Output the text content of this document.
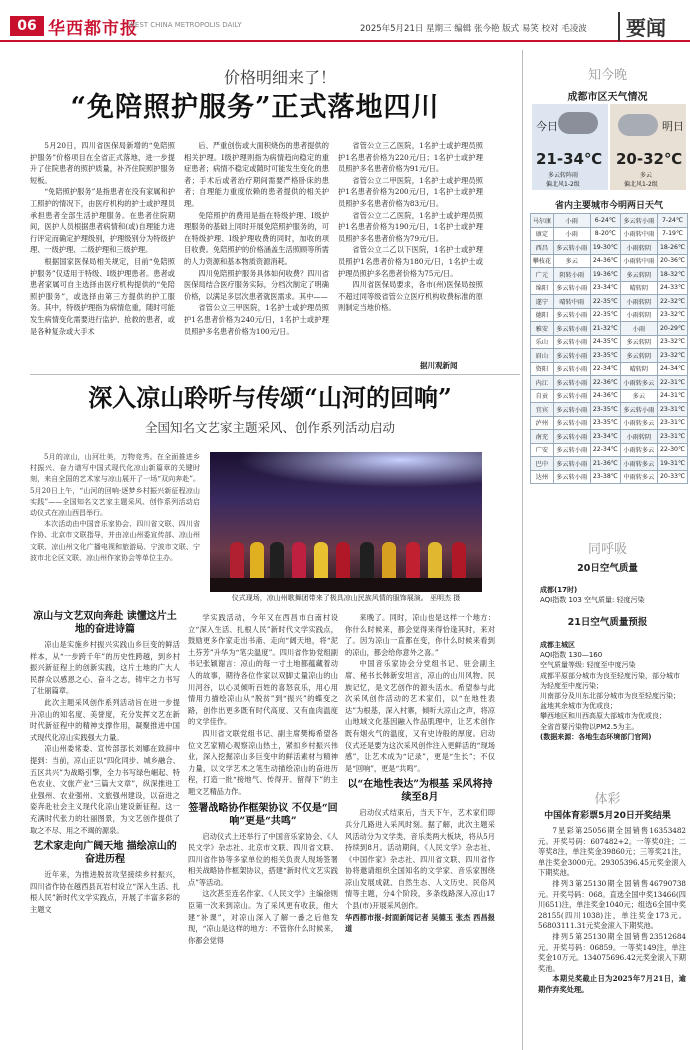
06 华西都市报
WEST CHINA METROPOLIS DAILY	2025年5月21日 星期三 编辑 张今艳 版式 易笑 校对 毛凌波	要闻
价格明细来了！
“免陪照护服务”正式落地四川

5月20日，四川省医保局新增的“免陪照护服务”价格项目在全省正式落地，进一步提升了住院患者的照护质量，补齐住院照护服务短板。

“免陪照护服务”是指患者在没有家属和护工照护的情况下，由医疗机构的护士或护理员承担患者全部生活护理服务。在患者住院期间，医护人员根据患者病情和(或)自理能力进行评定而确定护理级别，护理级别分为特级护理、一级护理、二级护理和三级护理。

根据国家医保局相关规定，目前“免陪照护服务”仅适用于特级、Ⅰ级护理患者。患者或患者家属可自主选择由医疗机构提供的“免陪照护服务”，或选择由第三方提供的护工服务。其中，特级护理指为病情危重，随时可能发生病情变化需要进行监护、抢救的患者，或是各种复杂或大手术

后、严重创伤或大面积烧伤的患者提供的相关护理。Ⅰ级护理则指为病情趋向稳定的重症患者；病情不稳定或随时可能发生变化的患者；手术后或者治疗期间需要严格卧床的患者；自理能力重度依赖的患者提供的相关护理。

免陪照护的费用是指在特级护理、Ⅰ级护理服务的基础上同时开展免陪照护服务的，可在特级护理、Ⅰ级护理收费的同时，加收的项目收费。免陪照护的价格涵盖生活照顾等所需的人力资源和基本物质资源消耗。

四川免陪照护服务具体如何收费？四川省医保局结合医疗服务实际，分档次制定了明确价格，以满足多层次患者就医需求。其中——

省管公立三甲医院，1名护士或护理员照护1名患者价格为240元/日，1名护士或护理员照护多名患者价格为100元/日。

省管公立三乙医院，1名护士或护理员照护1名患者价格为220元/日；1名护士或护理员照护多名患者价格为91元/日。

省管公立二甲医院，1名护士或护理员照护1名患者价格为200元/日，1名护士或护理员照护多名患者价格为83元/日。

省管公立二乙医院，1名护士或护理员照护1名患者价格为190元/日，1名护士或护理员照护多名患者价格为79元/日。

省管公立二乙以下医院，1名护士或护理员照护1名患者价格为180元/日，1名护士或护理员照护多名患者价格为75元/日。

四川省医保局要求，各市(州)医保局按照不超过同等级省管公立医疗机构收费标准的原则制定当地价格。

据川观新闻
深入凉山聆听与传颂“山河的回响”
全国知名文艺家主题采风、创作系列活动启动

5月的凉山，山河壮美，万物竞秀。在全面推进乡村振兴、奋力谱写中国式现代化凉山新篇章的关键时刻，来自全国的艺术家与凉山展开了一场“双向奔赴”。5月20日上午，“山河的回响·逐梦乡村振兴新征程凉山实践”——全国知名文艺家主题采风、创作系列活动启动仪式在凉山西昌举行。

本次活动由中国音乐家协会、四川省文联、四川省作协、北京市文联指导，并由凉山州委宣传部、凉山州文联、凉山州文化广播电视和旅游局、宁波市文联、宁波市北仑区文联、凉山州作家协会等单位主办。

仪式现场，凉山州歌舞团带来了极具凉山民族风情的服饰展演。 巫明杰 摄
凉山与文艺双向奔赴 读懂这片土地的奋进诗篇

凉山是实施乡村振兴实践山乡巨变的鲜活样本，从“一步跨千年”的历史性跨越，到乡村振兴新征程上的创新实践，这片土地的广大人民群众以感恩之心、奋斗之志，铸牢之力书写了壮丽篇章。

此次主题采风创作系列活动旨在进一步提升凉山的知名度、美誉度，充分发挥文艺在新时代新征程中的精神支撑作用，凝聚推进中国式现代化凉山实践强大力量。

凉山州委常委、宣传部部长刘娜在致辞中提到：当前，凉山正以“四化同步、城乡融合、五区共兴”为战略引擎，全力书写绿色崛起、特色农业、文旅产业“三篇大文章”，纵深推进工业强州、农业强州、文旅强州建设，以奋进之姿奔赴社会主义现代化凉山建设新征程。这一充满时代张力的壮丽图景，为文艺创作提供了取之不尽、用之不竭的源泉。

艺术家走向广阔天地 描绘凉山的奋进历程

近年来，为推进脱贫攻坚接续乡村振兴，四川省作协在越西县瓦岩村设立“深入生活、扎根人民”新时代文学实践点，开展了丰富多彩的主题文

学实践活动，今年又在西昌市白南村设立“深入生活、扎根人民”新时代文学实践点，鼓励更多作家走出书斋、走向“阔天地，将“泥土芬芳”升华为“笔尖温度”。四川省作协党组副书记张颖谢言：凉山的每一寸土地都蕴藏着动人的故事，期待各位作家以双脚丈量凉山的山川河谷，以心灵倾听百姓的喜怒哀乐，用心用情用力描绘凉山从“脱贫”到“振兴”的蝶变之路，创作出更多既有时代高度、又有血肉温度的文学佳作。

四川省文联党组书记、副主席樊梅希望各位文艺家精心观察凉山热土，紧扣乡村振兴伟业，深入挖掘凉山多巨变中的鲜活素材与精神力量，以文学艺术之笔生动描绘凉山的奋进历程，打造一批“接地气、传得开、留得下”的主题文艺精品力作。

签署战略协作框架协议 不仅是“回响”更是“共鸣”

启动仪式上还举行了中国音乐家协会、《人民文学》杂志社、北京市文联、四川省文联、四川省作协等多家单位的相关负责人现场签署相关战略协作框架协议，搭建“新时代文艺实践点”等活动。

这次甚至连名作家、《人民文学》主编徐则臣第一次来到凉山。为了采风更有收获，他大建“补课”，对凉山深入了解一番之后他发现，“凉山是这样的地方：不管你什么时候来，你都会觉得

来晚了。同时，凉山也是这样一个地方：你什么时候来，都会觉得来得恰逢其时，来对了。因为凉山一直都在变，你什么时候来看到的凉山，都会给你意外之喜。”

中国音乐家协会分党组书记、驻会副主席、秘书长韩新安坦言，凉山的山川风物、民族记忆，是文艺创作的源头活水。希望参与此次采风创作活动的艺术家们，以“在地性表达”为根基，深入村寨，倾听大凉山之声，将凉山地域文化基因融入作品肌理中，让艺术创作既有烟火气的温度，又有史诗般的厚度。启动仪式还是要为这次采风创作注入更鲜活的“现场感”，让艺术成为“记录”，更是“生长”；不仅是“回响”，更是“共鸣”。

以“在地性表达”为根基 采风将持续至8月

启动仪式结束后，当天下午，艺术家们即兵分几路进入采风时刻。据了解，此次主题采风活动分为文学类、音乐类两大板块，将从5月持续到8月。活动期间，《人民文学》杂志社、《中国作家》杂志社、四川省文联、四川省作协将邀请组织全国知名的文学家、音乐家围绕凉山发展成就、自然生态、人文历史、民俗风情等主题，分4个阶段，多条线路深入凉山17个县(市)开展采风创作。

华西都市报-封面新闻记者 吴德玉 张杰 西昌报道

知今晚
成都市区天气情况
今日
21-34℃
多云转阵雨
偏北风1-2级
明日
20-32℃
多云
偏北风1-2级
省内主要城市今明两日天气
马尔康	小雨	6-24℃	多云转小雨	7-24℃
康定	小雨	8-20℃	小雨转中雨	7-19℃
西昌	多云转小雨	19-30℃	小雨转阴	18-26℃
攀枝花	多云	24-36℃	小雨转中雨	20-36℃
广元	阴转小雨	19-36℃	多云转阴	18-32℃
绵阳	多云转小雨	23-34℃	晴转阴	24-33℃
遂宁	晴转中雨	22-35℃	小雨转阴	22-32℃
德阳	多云转小雨	22-35℃	小雨转阴	23-32℃
雅安	多云转小雨	21-32℃	小雨	20-29℃
乐山	多云转小雨	24-35℃	多云转阴	23-32℃
眉山	多云转小雨	23-35℃	多云转阴	23-32℃
资阳	多云转小雨	22-34℃	晴转阴	24-34℃
内江	多云转小雨	22-36℃	小雨转多云	22-31℃
自贡	多云转小雨	24-36℃	多云	24-31℃
宜宾	多云转小雨	23-35℃	多云转小雨	23-31℃
泸州	多云转小雨	23-35℃	小雨转多云	23-31℃
南充	多云转小雨	23-34℃	小雨转阴	23-31℃
广安	多云转小雨	22-34℃	小雨转多云	22-30℃
巴中	多云转小雨	21-36℃	小雨转多云	19-31℃
达州	多云转小雨	23-38℃	中雨转多云	20-33℃
同呼吸
20日空气质量
成都(17时)
AQI指数 103 空气质量: 轻度污染
21日空气质量预报
成都主城区
AQI指数 130—160
空气质量等级: 轻度至中度污染
成都平原部分城市为良至轻度污染，部分城市为轻度至中度污染；
川南部分及川东北部分城市为良至轻度污染；
盆地其余城市为优或良；
攀西地区和川西高原大部城市为优或良；
全省首要污染物以PM2.5为主。
(数据来源：各地生态环境部门官网)
体彩
中国体育彩票5月20日开奖结果

7星彩第25056期全国销售16353482元。开奖号码：607482+2。一等奖0注；二等奖8注，单注奖金39860元；三等奖21注，单注奖金3000元。29305396.45元奖金滚入下期奖池。

排列3第25130期全国销售46790738元。开奖号码：068。直选全国中奖13466(四川651)注，单注奖金1040元；组选6全国中奖28155(四川1038)注，单注奖金173元。56803111.31元奖金滚入下期奖池。

排列5第25130期全国销售23512684元。开奖号码：06859。一等奖149注，单注奖金10万元。134075696.42元奖金滚入下期奖池。

本期兑奖截止日为2025年7月21日，逾期作弃奖处理。
